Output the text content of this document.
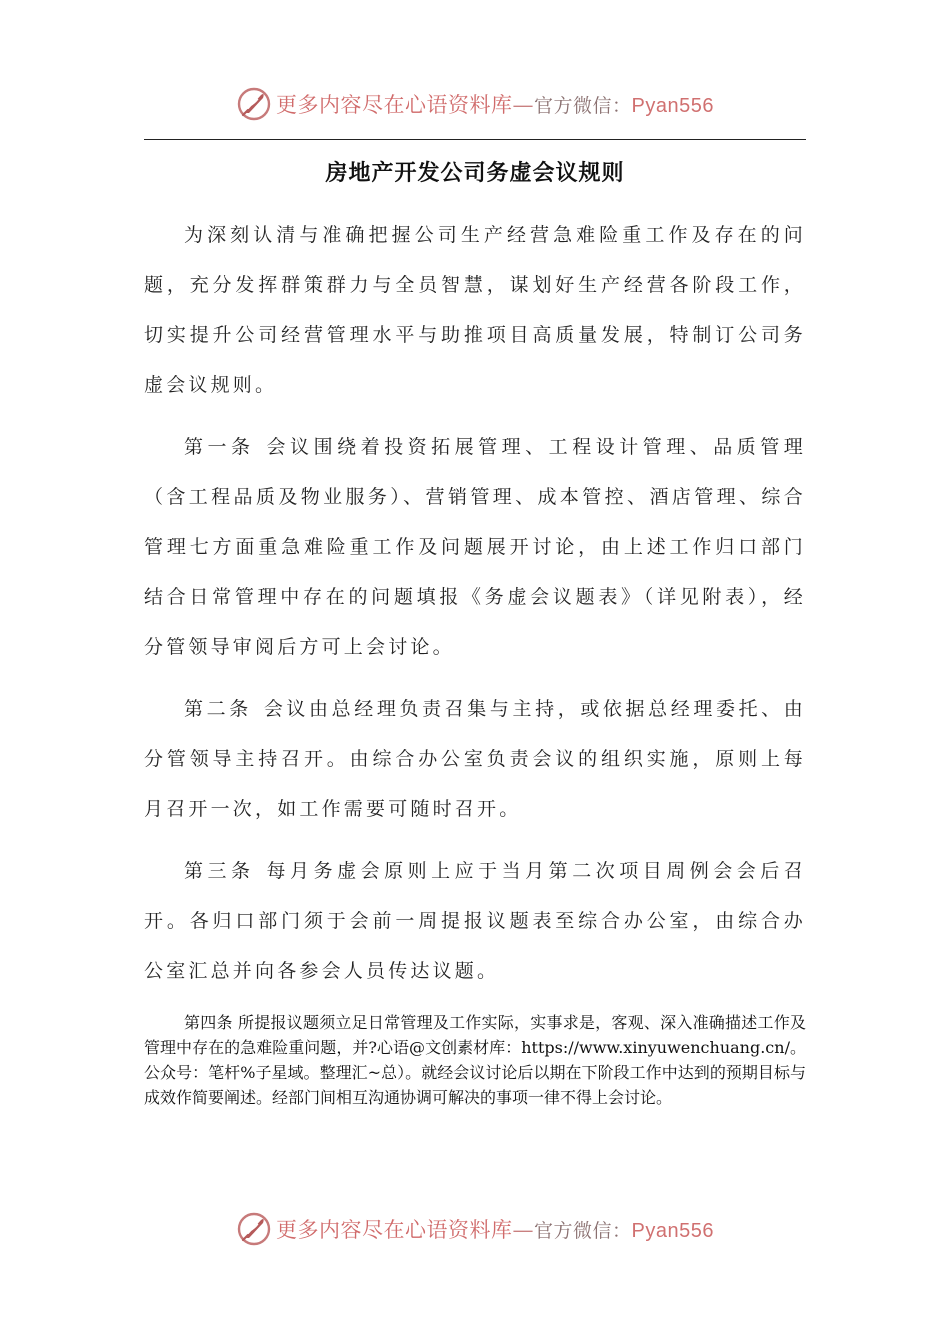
更多内容尽在心语资料库—官方微信：Pyan556
房地产开发公司务虚会议规则

为深刻认清与准确把握公司生产经营急难险重工作及存在的问题，充分发挥群策群力与全员智慧，谋划好生产经营各阶段工作，切实提升公司经营管理水平与助推项目高质量发展，特制订公司务虚会议规则。

第一条 会议围绕着投资拓展管理、工程设计管理、品质管理（含工程品质及物业服务）、营销管理、成本管控、酒店管理、综合管理七方面重急难险重工作及问题展开讨论，由上述工作归口部门结合日常管理中存在的问题填报《务虚会议题表》（详见附表），经分管领导审阅后方可上会讨论。

第二条 会议由总经理负责召集与主持，或依据总经理委托、由分管领导主持召开。由综合办公室负责会议的组织实施，原则上每月召开一次，如工作需要可随时召开。

第三条 每月务虚会原则上应于当月第二次项目周例会会后召开。各归口部门须于会前一周提报议题表至综合办公室，由综合办公室汇总并向各参会人员传达议题。

第四条 所提报议题须立足日常管理及工作实际，实事求是，客观、深入准确描述工作及管理中存在的急难险重问题，并?心语@文创素材库：https://www.xinyuwenchuang.cn/。公众号：笔杆%子星域。整理汇~总）。就经会议讨论后以期在下阶段工作中达到的预期目标与成效作简要阐述。经部门间相互沟通协调可解决的事项一律不得上会讨论。

更多内容尽在心语资料库—官方微信：Pyan556
